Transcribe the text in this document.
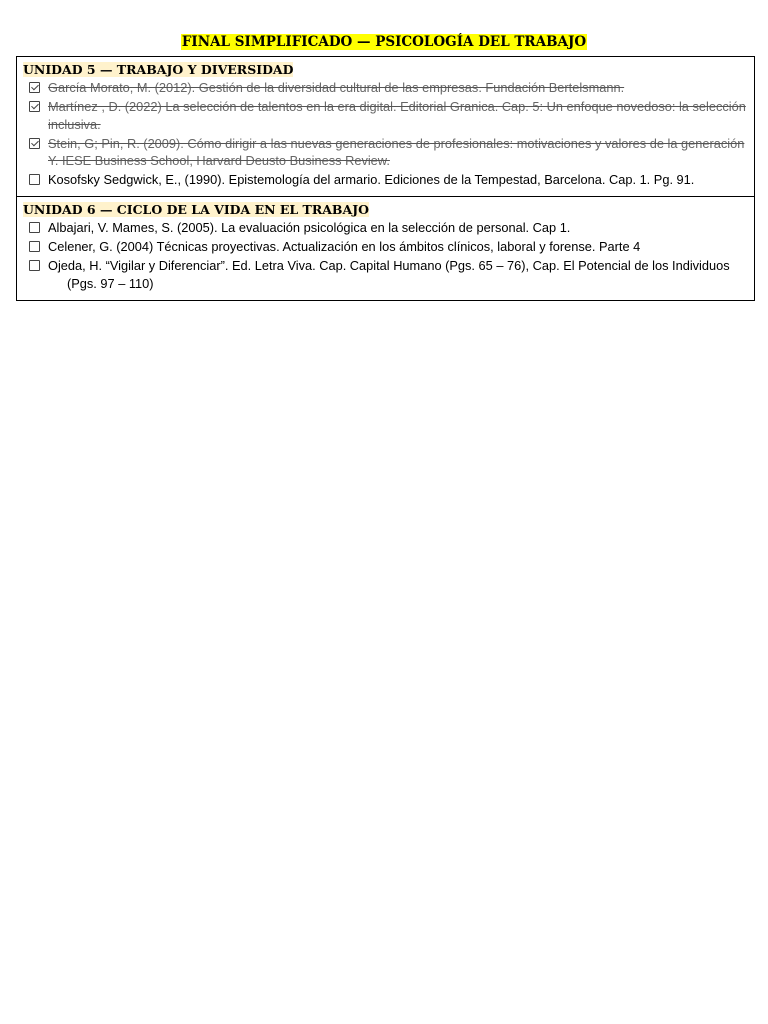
FINAL SIMPLIFICADO — PSICOLOGÍA DEL TRABAJO
UNIDAD 5 — TRABAJO Y DIVERSIDAD
García Morato, M. (2012). Gestión de la diversidad cultural de las empresas. Fundación Bertelsmann.
Martínez , D. (2022) La selección de talentos en la era digital. Editorial Granica. Cap. 5: Un enfoque novedoso: la selección inclusiva.
Stein, G; Pin, R. (2009). Cómo dirigir a las nuevas generaciones de profesionales: motivaciones y valores de la generación Y. IESE Business School, Harvard Deusto Business Review.
Kosofsky Sedgwick, E., (1990). Epistemología del armario. Ediciones de la Tempestad, Barcelona. Cap. 1. Pg. 91.
UNIDAD 6 — CICLO DE LA VIDA EN EL TRABAJO
Albajari, V. Mames, S. (2005). La evaluación psicológica en la selección de personal. Cap 1.
Celener, G. (2004) Técnicas proyectivas. Actualización en los ámbitos clínicos, laboral y forense. Parte 4
Ojeda, H. “Vigilar y Diferenciar”. Ed. Letra Viva. Cap. Capital Humano (Pgs. 65 – 76), Cap. El Potencial de los Individuos (Pgs. 97 – 110)
